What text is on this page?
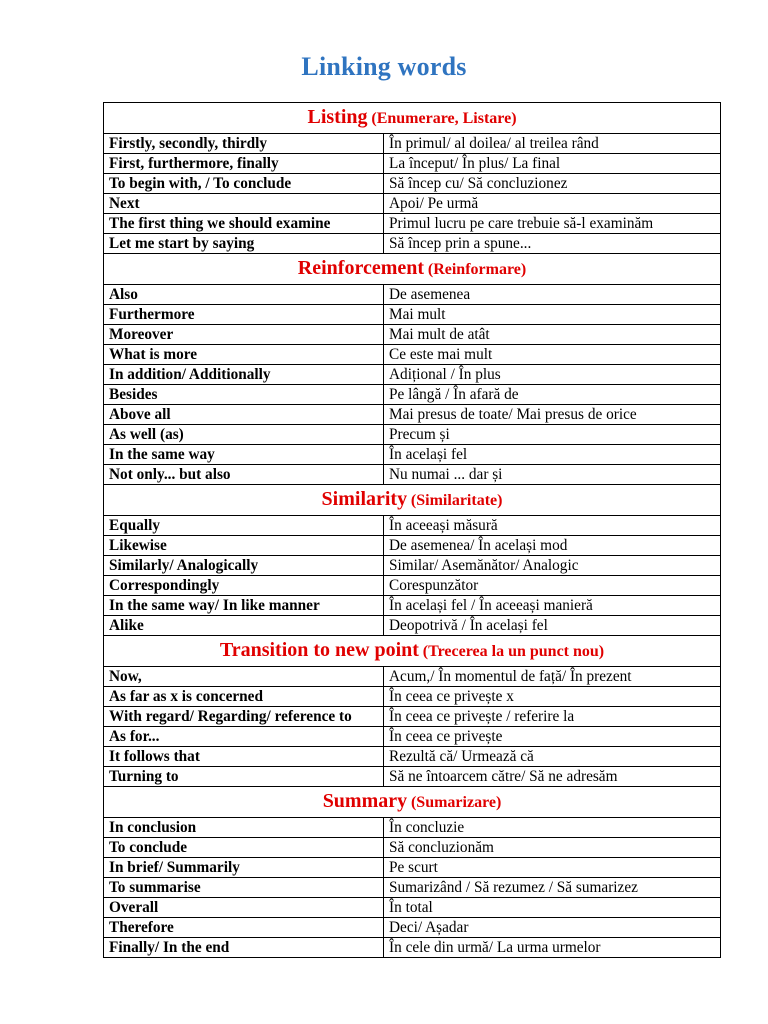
Linking words
Listing (Enumerare, Listare)	
Firstly, secondly, thirdly	În primul/ al doilea/ al treilea rând
First, furthermore, finally	La început/ În plus/ La final
To begin with, / To conclude	Să încep cu/ Să concluzionez
Next	Apoi/ Pe urmă
The first thing we should examine	Primul lucru pe care trebuie să-l examinăm
Let me start by saying	Să încep prin a spune...
Reinforcement (Reinformare)	
Also	De asemenea
Furthermore	Mai mult
Moreover	Mai mult de atât
What is more	Ce este mai mult
In addition/ Additionally	Adițional / În plus
Besides	Pe lângă / În afară de
Above all	Mai presus de toate/ Mai presus de orice
As well (as)	Precum și
In the same way	În același fel
Not only... but also	Nu numai ... dar și
Similarity (Similaritate)	
Equally	În aceeași măsură
Likewise	De asemenea/ În același mod
Similarly/ Analogically	Similar/ Asemănător/ Analogic
Correspondingly	Corespunzător
In the same way/ In like manner	În același fel / În aceeași manieră
Alike	Deopotrivă / În același fel
Transition to new point (Trecerea la un punct nou)	
Now,	Acum,/ În momentul de față/ În prezent
As far as x is concerned	În ceea ce privește x
With regard/ Regarding/ reference to	În ceea ce privește / referire la
As for...	În ceea ce privește
It follows that	Rezultă că/ Urmează că
Turning to	Să ne întoarcem către/ Să ne adresăm
Summary (Sumarizare)	
In conclusion	În concluzie
To conclude	Să concluzionăm
In brief/ Summarily	Pe scurt
To summarise	Sumarizând / Să rezumez / Să sumarizez
Overall	În total
Therefore	Deci/ Așadar
Finally/ In the end	În cele din urmă/ La urma urmelor
